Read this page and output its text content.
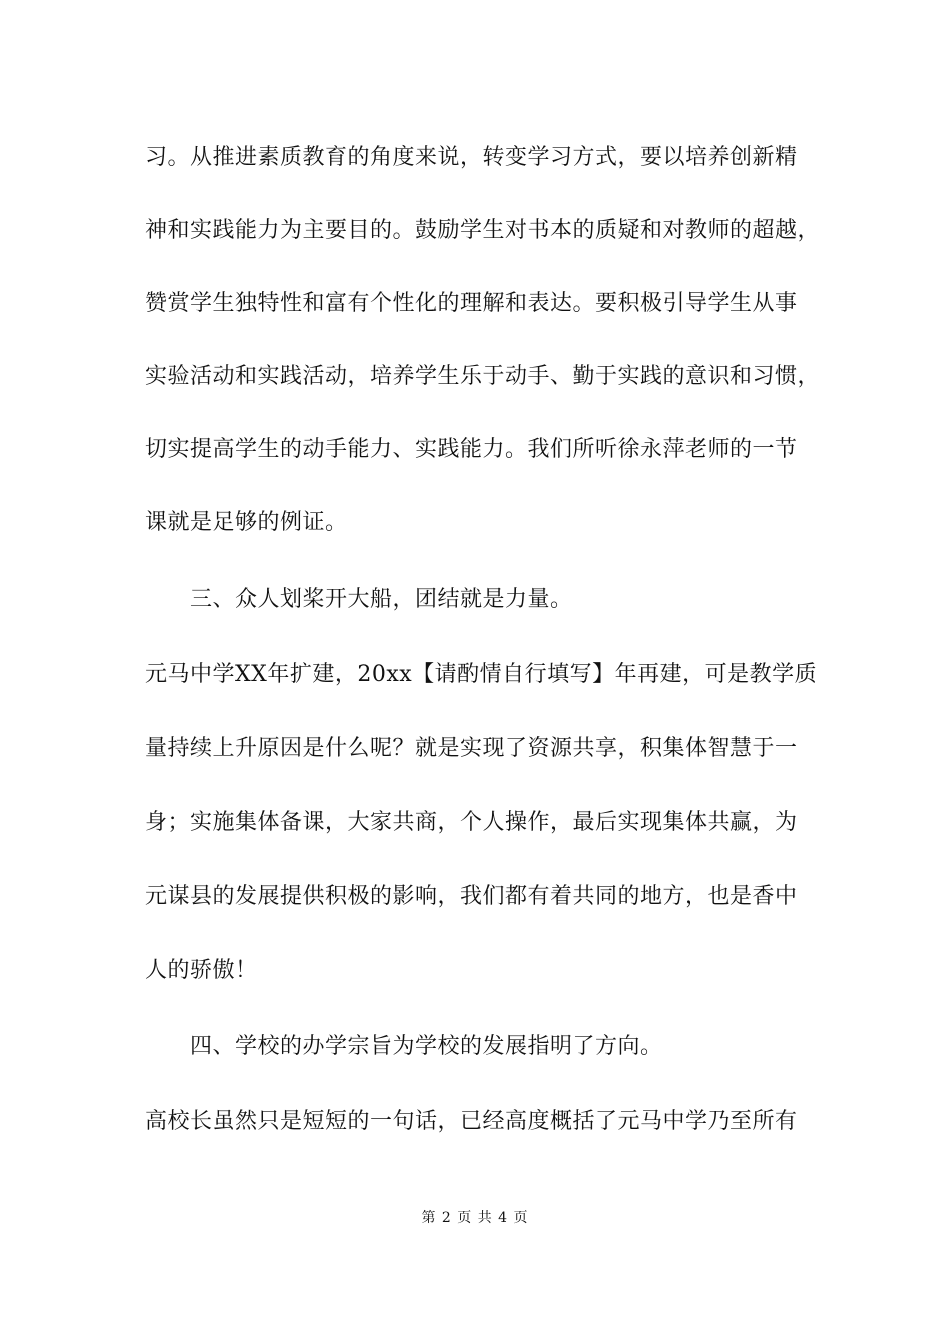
习。从推进素质教育的角度来说，转变学习方式，要以培养创新精
神和实践能力为主要目的。鼓励学生对书本的质疑和对教师的超越，
赞赏学生独特性和富有个性化的理解和表达。要积极引导学生从事
实验活动和实践活动，培养学生乐于动手、勤于实践的意识和习惯，
切实提高学生的动手能力、实践能力。我们所听徐永萍老师的一节
课就是足够的例证。
三、众人划桨开大船，团结就是力量。
元马中学XX年扩建，20xx【请酌情自行填写】年再建，可是教学质
量持续上升原因是什么呢？就是实现了资源共享，积集体智慧于一
身；实施集体备课，大家共商，个人操作，最后实现集体共赢，为
元谋县的发展提供积极的影响，我们都有着共同的地方，也是香中
人的骄傲！
四、学校的办学宗旨为学校的发展指明了方向。
高校长虽然只是短短的一句话，已经高度概括了元马中学乃至所有
第 2 页 共 4 页
